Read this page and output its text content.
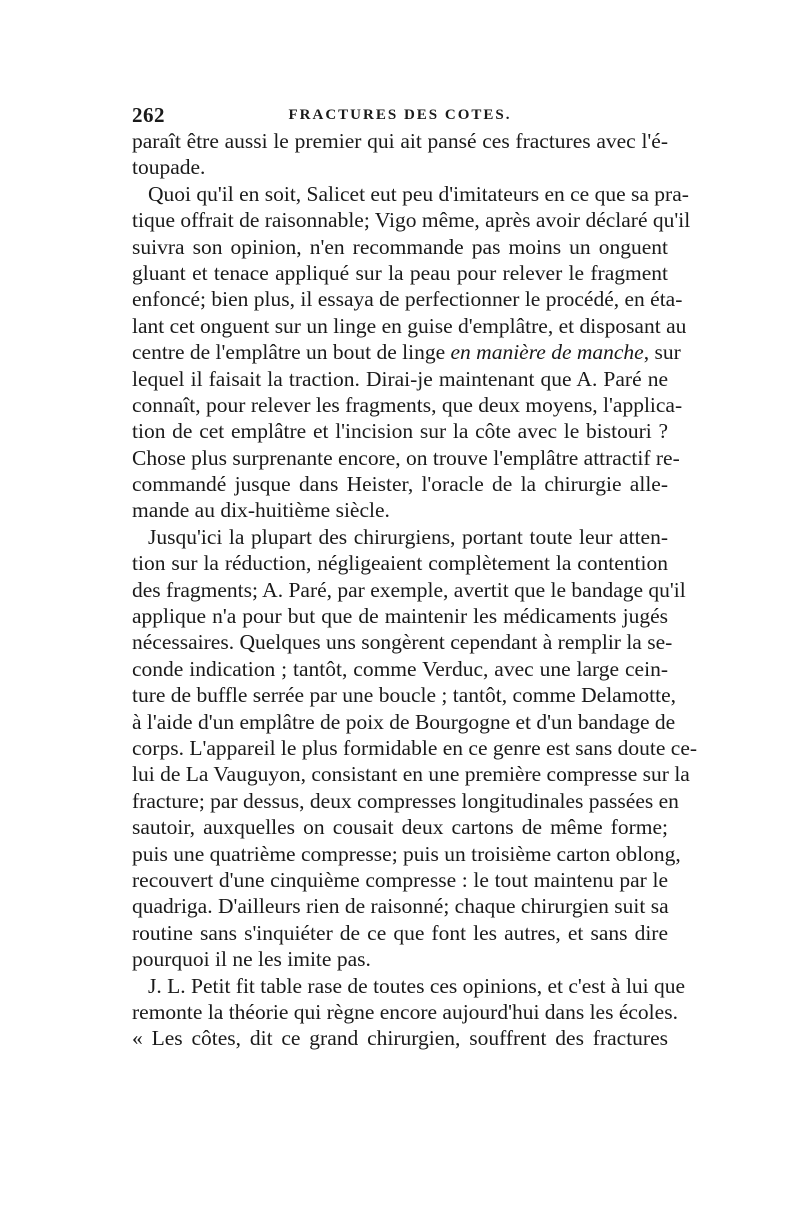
262	FRACTURES DES COTES.
paraît être aussi le premier qui ait pansé ces fractures avec l'é-
toupade.
Quoi qu'il en soit, Salicet eut peu d'imitateurs en ce que sa pra-
tique offrait de raisonnable; Vigo même, après avoir déclaré qu'il
suivra son opinion, n'en recommande pas moins un onguent
gluant et tenace appliqué sur la peau pour relever le fragment
enfoncé; bien plus, il essaya de perfectionner le procédé, en éta-
lant cet onguent sur un linge en guise d'emplâtre, et disposant au
centre de l'emplâtre un bout de linge en manière de manche, sur
lequel il faisait la traction. Dirai-je maintenant que A. Paré ne
connaît, pour relever les fragments, que deux moyens, l'applica-
tion de cet emplâtre et l'incision sur la côte avec le bistouri ?
Chose plus surprenante encore, on trouve l'emplâtre attractif re-
commandé jusque dans Heister, l'oracle de la chirurgie alle-
mande au dix-huitième siècle.
Jusqu'ici la plupart des chirurgiens, portant toute leur atten-
tion sur la réduction, négligeaient complètement la contention
des fragments; A. Paré, par exemple, avertit que le bandage qu'il
applique n'a pour but que de maintenir les médicaments jugés
nécessaires. Quelques uns songèrent cependant à remplir la se-
conde indication ; tantôt, comme Verduc, avec une large cein-
ture de buffle serrée par une boucle ; tantôt, comme Delamotte,
à l'aide d'un emplâtre de poix de Bourgogne et d'un bandage de
corps. L'appareil le plus formidable en ce genre est sans doute ce-
lui de La Vauguyon, consistant en une première compresse sur la
fracture; par dessus, deux compresses longitudinales passées en
sautoir, auxquelles on cousait deux cartons de même forme;
puis une quatrième compresse; puis un troisième carton oblong,
recouvert d'une cinquième compresse : le tout maintenu par le
quadriga. D'ailleurs rien de raisonné; chaque chirurgien suit sa
routine sans s'inquiéter de ce que font les autres, et sans dire
pourquoi il ne les imite pas.
J. L. Petit fit table rase de toutes ces opinions, et c'est à lui que
remonte la théorie qui règne encore aujourd'hui dans les écoles.
« Les côtes, dit ce grand chirurgien, souffrent des fractures
